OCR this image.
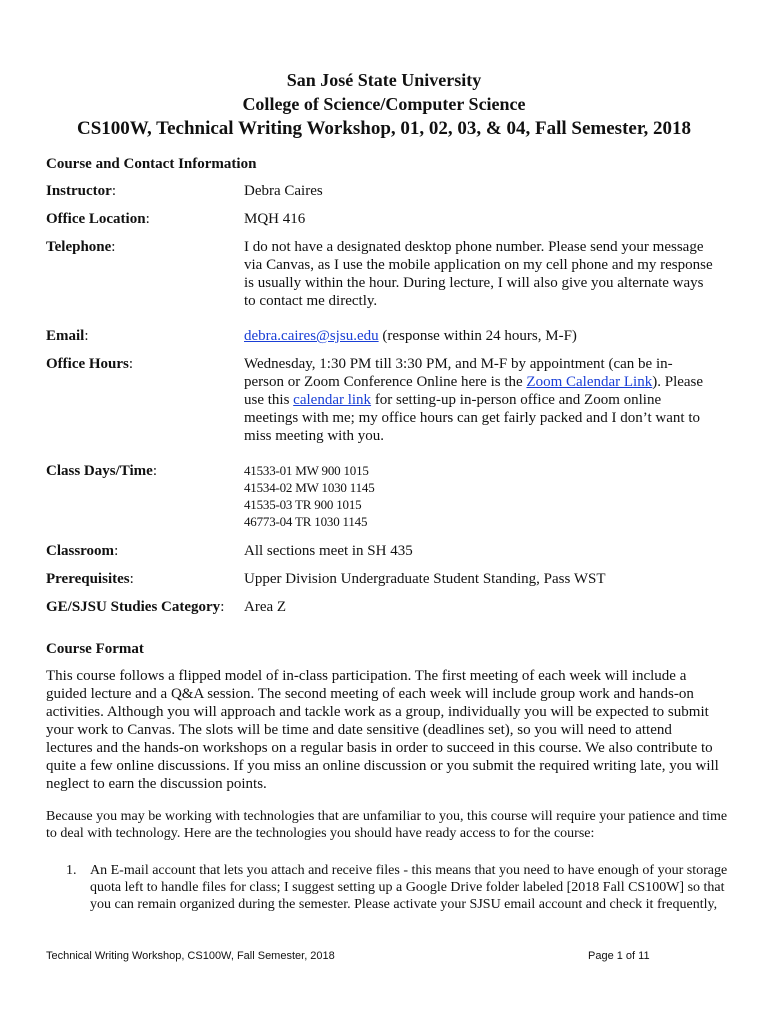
San José State University
College of Science/Computer Science
CS100W, Technical Writing Workshop, 01, 02, 03, & 04, Fall Semester, 2018
Course and Contact Information
Instructor:	Debra Caires
Office Location:	MQH 416
Telephone:	I do not have a designated desktop phone number. Please send your message
via Canvas, as I use the mobile application on my cell phone and my response
is usually within the hour. During lecture, I will also give you alternate ways
to contact me directly.
Email:	debra.caires@sjsu.edu (response within 24 hours, M-F)
Office Hours:	Wednesday, 1:30 PM till 3:30 PM, and M-F by appointment (can be in-
person or Zoom Conference Online here is the Zoom Calendar Link). Please
use this calendar link for setting-up in-person office and Zoom online
meetings with me; my office hours can get fairly packed and I don’t want to
miss meeting with you.
Class Days/Time:	41533-01 MW 900 1015
41534-02 MW 1030 1145
41535-03 TR 900 1015
46773-04 TR 1030 1145
Classroom:	All sections meet in SH 435
Prerequisites:	Upper Division Undergraduate Student Standing, Pass WST
GE/SJSU Studies Category:	Area Z
Course Format
This course follows a flipped model of in-class participation. The first meeting of each week will include a
guided lecture and a Q&A session. The second meeting of each week will include group work and hands-on
activities. Although you will approach and tackle work as a group, individually you will be expected to submit
your work to Canvas. The slots will be time and date sensitive (deadlines set), so you will need to attend
lectures and the hands-on workshops on a regular basis in order to succeed in this course. We also contribute to
quite a few online discussions. If you miss an online discussion or you submit the required writing late, you will
neglect to earn the discussion points.
Because you may be working with technologies that are unfamiliar to you, this course will require your patience and time
to deal with technology. Here are the technologies you should have ready access to for the course:
1. An E-mail account that lets you attach and receive files - this means that you need to have enough of your storage
quota left to handle files for class; I suggest setting up a Google Drive folder labeled [2018 Fall CS100W] so that
you can remain organized during the semester. Please activate your SJSU email account and check it frequently,
Technical Writing Workshop, CS100W, Fall Semester, 2018	Page 1 of 11
